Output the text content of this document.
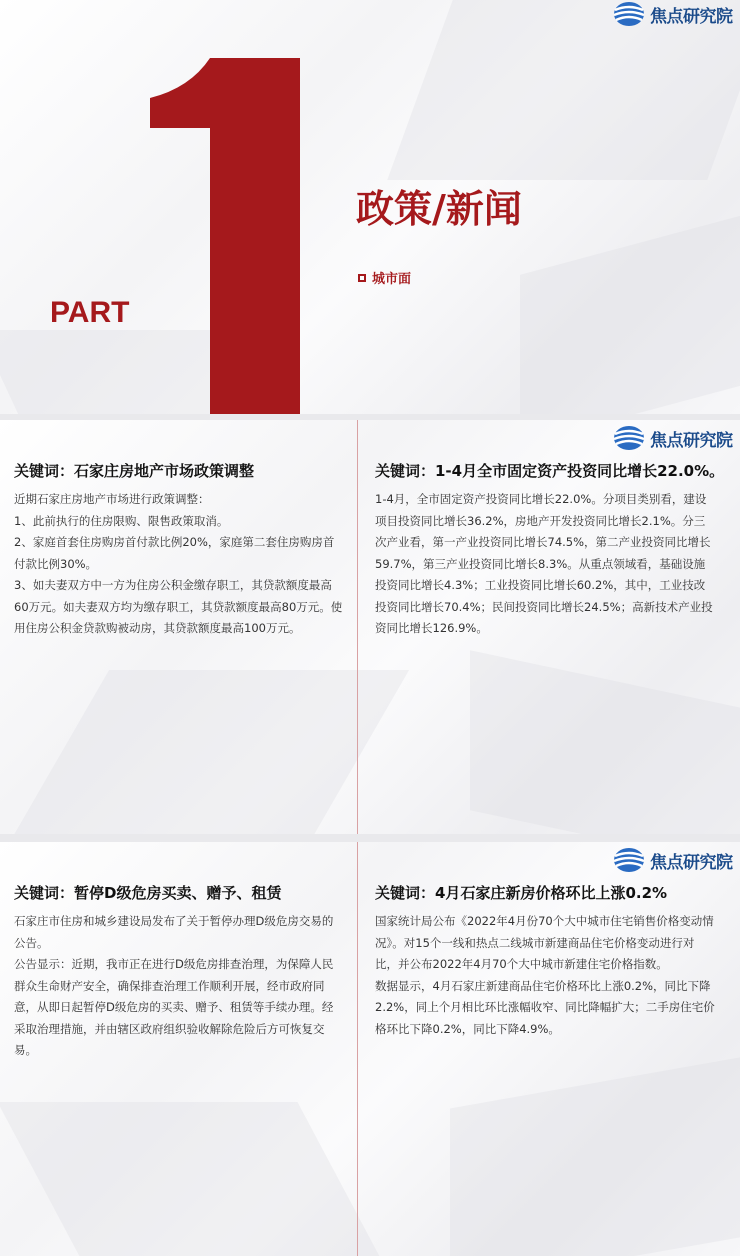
焦点研究院
PART
政策/新闻
城市面
焦点研究院
关键词：石家庄房地产市场政策调整

近期石家庄房地产市场进行政策调整：

1、此前执行的住房限购、限售政策取消。

2、家庭首套住房购房首付款比例20%，家庭第二套住房购房首付款比例30%。

3、如夫妻双方中一方为住房公积金缴存职工，其贷款额度最高60万元。如夫妻双方均为缴存职工，其贷款额度最高80万元。使用住房公积金贷款购被动房，其贷款额度最高100万元。

关键词：1-4月全市固定资产投资同比增长22.0%。

1-4月，全市固定资产投资同比增长22.0%。分项目类别看，建设项目投资同比增长36.2%，房地产开发投资同比增长2.1%。分三次产业看，第一产业投资同比增长74.5%，第二产业投资同比增长59.7%，第三产业投资同比增长8.3%。从重点领域看，基础设施投资同比增长4.3%；工业投资同比增长60.2%，其中，工业技改投资同比增长70.4%；民间投资同比增长24.5%；高新技术产业投资同比增长126.9%。

焦点研究院
关键词：暂停D级危房买卖、赠予、租赁

石家庄市住房和城乡建设局发布了关于暂停办理D级危房交易的公告。

公告显示：近期，我市正在进行D级危房排查治理，为保障人民群众生命财产安全，确保排查治理工作顺利开展，经市政府同意，从即日起暂停D级危房的买卖、赠予、租赁等手续办理。经采取治理措施，并由辖区政府组织验收解除危险后方可恢复交易。

关键词：4月石家庄新房价格环比上涨0.2%

国家统计局公布《2022年4月份70个大中城市住宅销售价格变动情况》。对15个一线和热点二线城市新建商品住宅价格变动进行对比，并公布2022年4月70个大中城市新建住宅价格指数。

数据显示，4月石家庄新建商品住宅价格环比上涨0.2%，同比下降2.2%，同上个月相比环比涨幅收窄、同比降幅扩大；二手房住宅价格环比下降0.2%，同比下降4.9%。
